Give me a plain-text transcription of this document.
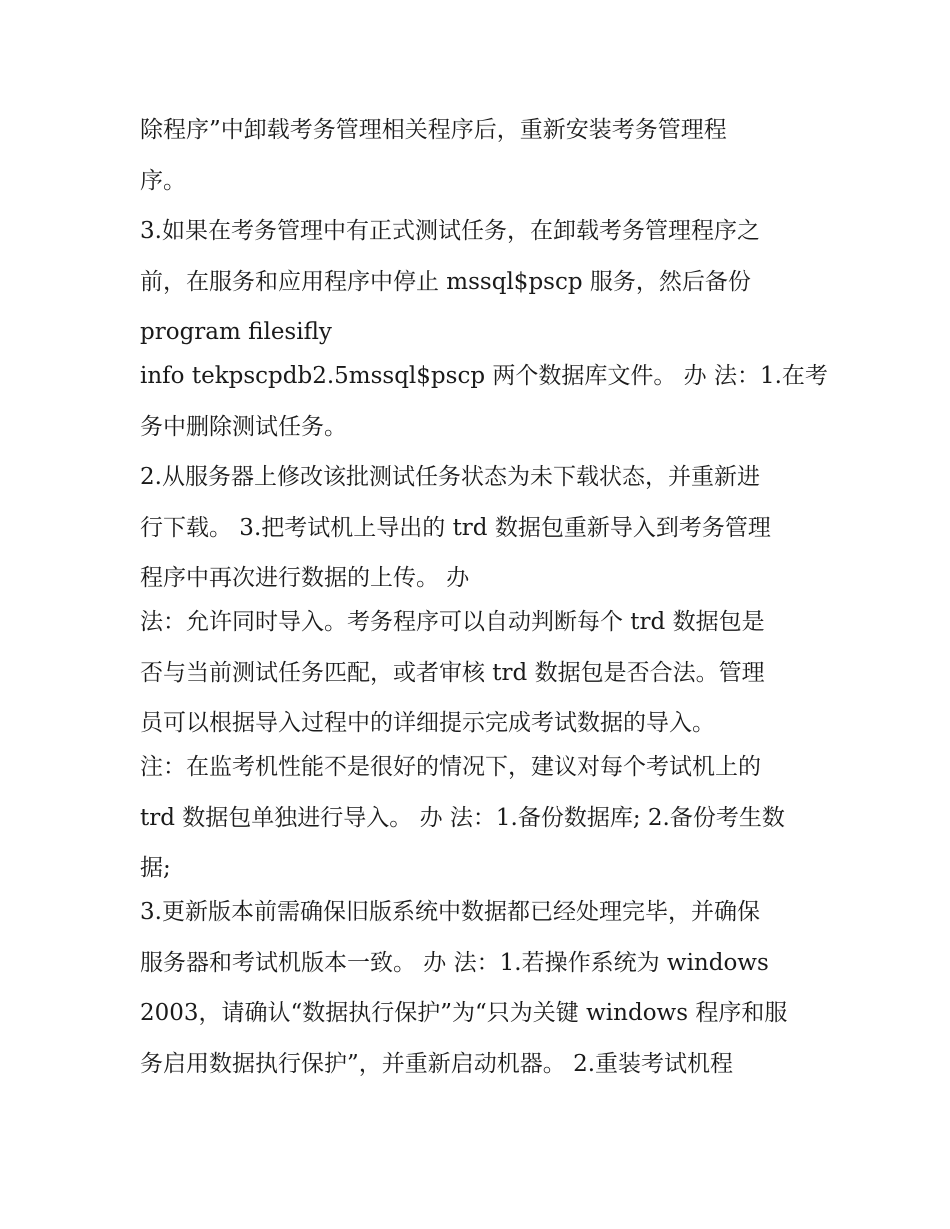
除程序”中卸载考务管理相关程序后，重新安装考务管理程
序。
3.如果在考务管理中有正式测试任务，在卸载考务管理程序之
前，在服务和应用程序中停止 mssql$pscp 服务，然后备份
program filesifly
info tekpscpdb2.5mssql$pscp 两个数据库文件。 办 法：1.在考
务中删除测试任务。
2.从服务器上修改该批测试任务状态为未下载状态，并重新进
行下载。 3.把考试机上导出的 trd 数据包重新导入到考务管理
程序中再次进行数据的上传。 办
法：允许同时导入。考务程序可以自动判断每个 trd 数据包是
否与当前测试任务匹配，或者审核 trd 数据包是否合法。管理
员可以根据导入过程中的详细提示完成考试数据的导入。
注：在监考机性能不是很好的情况下，建议对每个考试机上的
trd 数据包单独进行导入。 办 法：1.备份数据库; 2.备份考生数
据;
3.更新版本前需确保旧版系统中数据都已经处理完毕，并确保
服务器和考试机版本一致。 办 法：1.若操作系统为 windows
2003，请确认“数据执行保护”为“只为关键 windows 程序和服
务启用数据执行保护”，并重新启动机器。 2.重装考试机程
